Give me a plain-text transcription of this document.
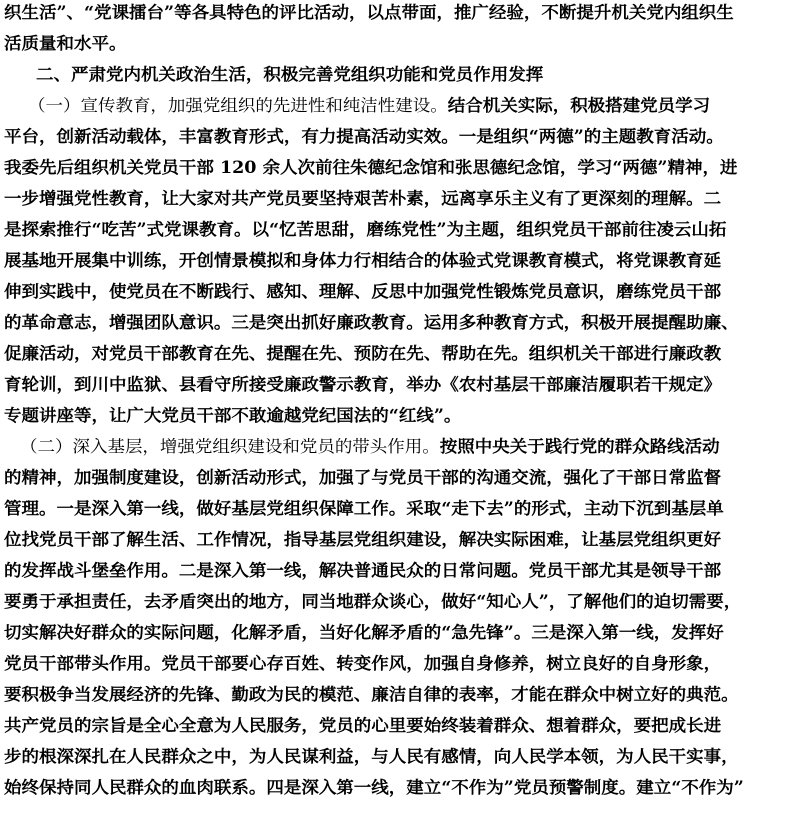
织生活”、“党课擂台”等各具特色的评比活动，以点带面，推广经验，不断提升机关党内组织生
活质量和水平。
二、严肃党内机关政治生活，积极完善党组织功能和党员作用发挥
（一）宣传教育，加强党组织的先进性和纯洁性建设。结合机关实际，积极搭建党员学习
平台，创新活动载体，丰富教育形式，有力提高活动实效。一是组织“两德”的主题教育活动。
我委先后组织机关党员干部 120 余人次前往朱德纪念馆和张思德纪念馆，学习“两德”精神，进
一步增强党性教育，让大家对共产党员要坚持艰苦朴素，远离享乐主义有了更深刻的理解。二
是探索推行“吃苦”式党课教育。以“忆苦思甜，磨练党性”为主题，组织党员干部前往凌云山拓
展基地开展集中训练，开创情景模拟和身体力行相结合的体验式党课教育模式，将党课教育延
伸到实践中，使党员在不断践行、感知、理解、反思中加强党性锻炼党员意识，磨练党员干部
的革命意志，增强团队意识。三是突出抓好廉政教育。运用多种教育方式，积极开展提醒助廉、
促廉活动，对党员干部教育在先、提醒在先、预防在先、帮助在先。组织机关干部进行廉政教
育轮训，到川中监狱、县看守所接受廉政警示教育，举办《农村基层干部廉洁履职若干规定》
专题讲座等，让广大党员干部不敢逾越党纪国法的“红线”。
（二）深入基层，增强党组织建设和党员的带头作用。按照中央关于践行党的群众路线活动
的精神，加强制度建设，创新活动形式，加强了与党员干部的沟通交流，强化了干部日常监督
管理。一是深入第一线，做好基层党组织保障工作。采取“走下去”的形式，主动下沉到基层单
位找党员干部了解生活、工作情况，指导基层党组织建设，解决实际困难，让基层党组织更好
的发挥战斗堡垒作用。二是深入第一线，解决普通民众的日常问题。党员干部尤其是领导干部
要勇于承担责任，去矛盾突出的地方，同当地群众谈心，做好“知心人”，了解他们的迫切需要，
切实解决好群众的实际问题，化解矛盾，当好化解矛盾的“急先锋”。三是深入第一线，发挥好
党员干部带头作用。党员干部要心存百姓、转变作风，加强自身修养，树立良好的自身形象，
要积极争当发展经济的先锋、勤政为民的模范、廉洁自律的表率，才能在群众中树立好的典范。
共产党员的宗旨是全心全意为人民服务，党员的心里要始终装着群众、想着群众，要把成长进
步的根深深扎在人民群众之中，为人民谋利益，与人民有感情，向人民学本领，为人民干实事，
始终保持同人民群众的血肉联系。四是深入第一线，建立“不作为”党员预警制度。建立“不作为”
